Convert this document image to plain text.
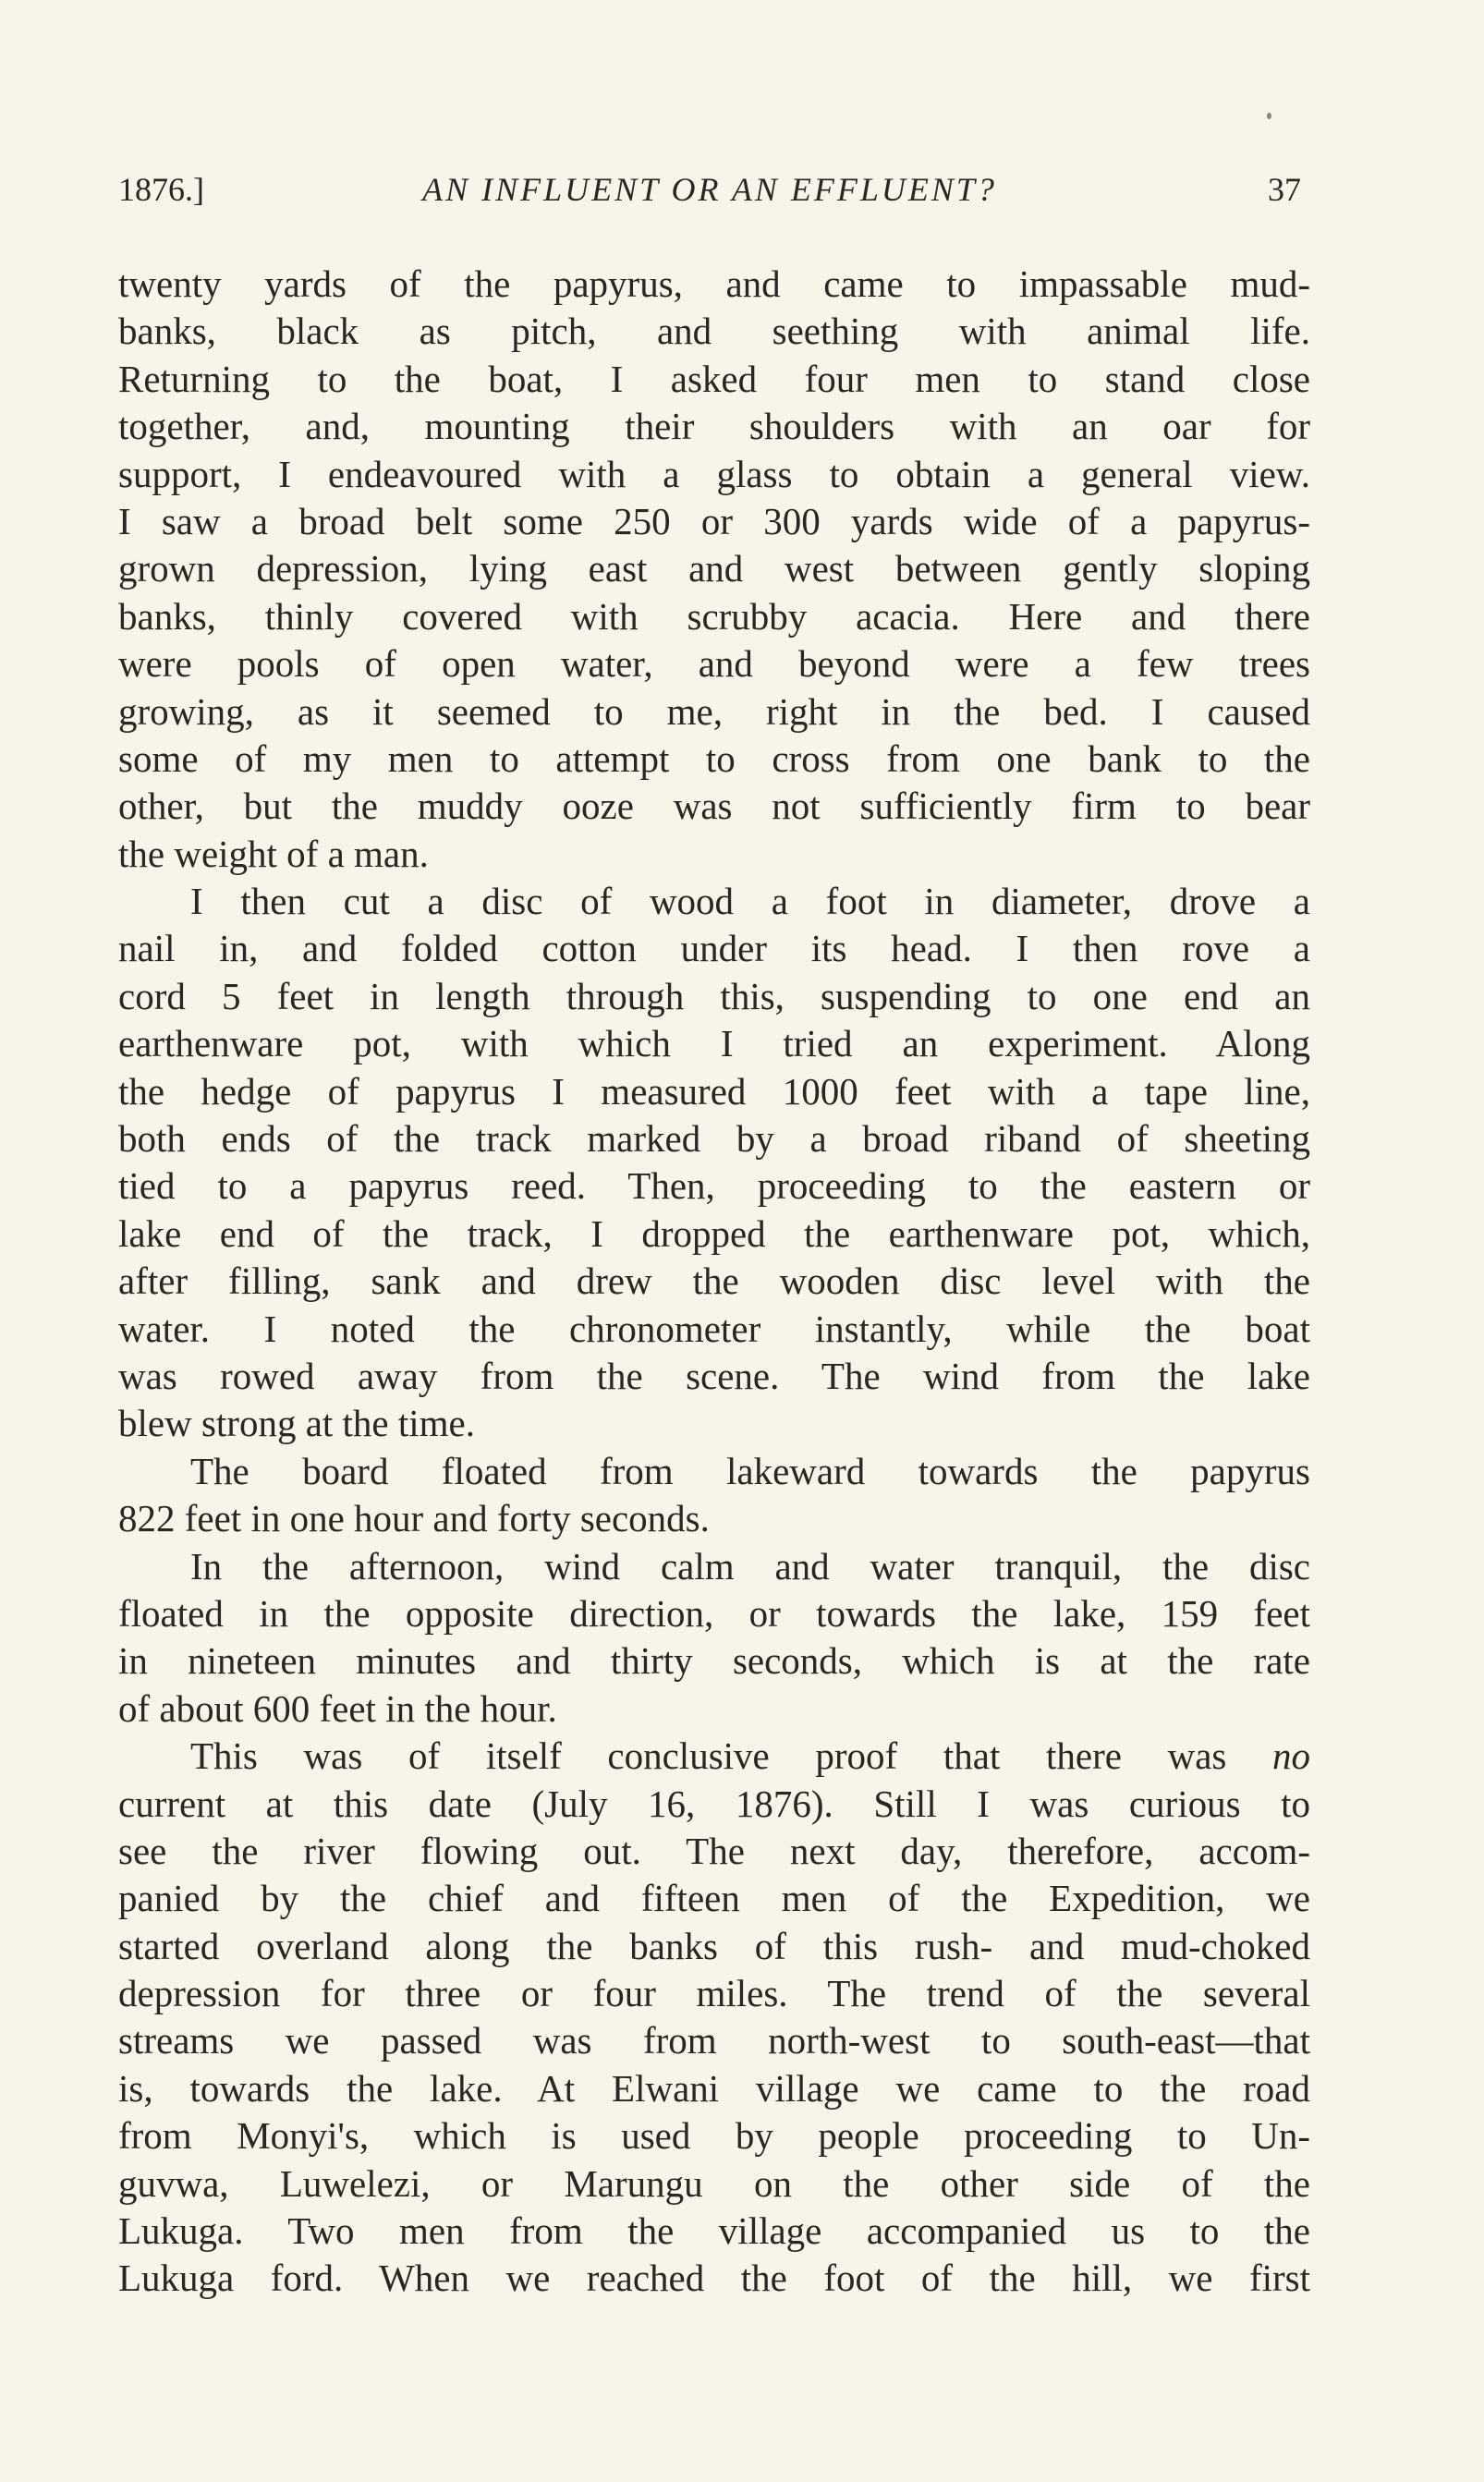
1876.]	AN INFLUENT OR AN EFFLUENT?	37
twenty yards of the papyrus, and came to impassable mud-
banks, black as pitch, and seething with animal life.
Returning to the boat, I asked four men to stand close
together, and, mounting their shoulders with an oar for
support, I endeavoured with a glass to obtain a general view.
I saw a broad belt some 250 or 300 yards wide of a papyrus-
grown depression, lying east and west between gently sloping
banks, thinly covered with scrubby acacia. Here and there
were pools of open water, and beyond were a few trees
growing, as it seemed to me, right in the bed. I caused
some of my men to attempt to cross from one bank to the
other, but the muddy ooze was not sufficiently firm to bear
the weight of a man.
I then cut a disc of wood a foot in diameter, drove a
nail in, and folded cotton under its head. I then rove a
cord 5 feet in length through this, suspending to one end an
earthenware pot, with which I tried an experiment. Along
the hedge of papyrus I measured 1000 feet with a tape line,
both ends of the track marked by a broad riband of sheeting
tied to a papyrus reed. Then, proceeding to the eastern or
lake end of the track, I dropped the earthenware pot, which,
after filling, sank and drew the wooden disc level with the
water. I noted the chronometer instantly, while the boat
was rowed away from the scene. The wind from the lake
blew strong at the time.
The board floated from lakeward towards the papyrus
822 feet in one hour and forty seconds.
In the afternoon, wind calm and water tranquil, the disc
floated in the opposite direction, or towards the lake, 159 feet
in nineteen minutes and thirty seconds, which is at the rate
of about 600 feet in the hour.
This was of itself conclusive proof that there was no
current at this date (July 16, 1876). Still I was curious to
see the river flowing out. The next day, therefore, accom-
panied by the chief and fifteen men of the Expedition, we
started overland along the banks of this rush- and mud-choked
depression for three or four miles. The trend of the several
streams we passed was from north-west to south-east—that
is, towards the lake. At Elwani village we came to the road
from Monyi's, which is used by people proceeding to Un-
guvwa, Luwelezi, or Marungu on the other side of the
Lukuga. Two men from the village accompanied us to the
Lukuga ford. When we reached the foot of the hill, we first
